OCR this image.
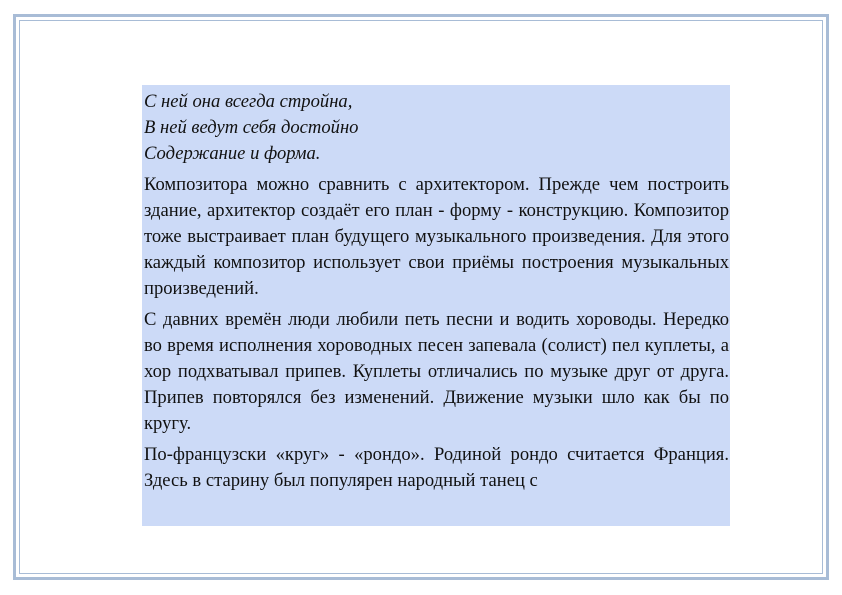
С ней она всегда стройна,

В ней ведут себя достойно

Содержание и форма.

Композитора можно сравнить с архитектором. Прежде чем построить здание, архитектор создаёт его план - форму - конструкцию. Композитор тоже выстраивает план будущего музыкального произведения. Для этого каждый композитор использует свои приёмы построения музыкальных произведений.

С давних времён люди любили петь песни и водить хороводы. Нередко во время исполнения хороводных песен запевала (солист) пел куплеты, а хор подхватывал припев. Куплеты отличались по музыке друг от друга. Припев повторялся без изменений. Движение музыки шло как бы по кругу.

По-французски «круг» - «рондо». Родиной рондо считается Франция. Здесь в старину был популярен народный танец с
